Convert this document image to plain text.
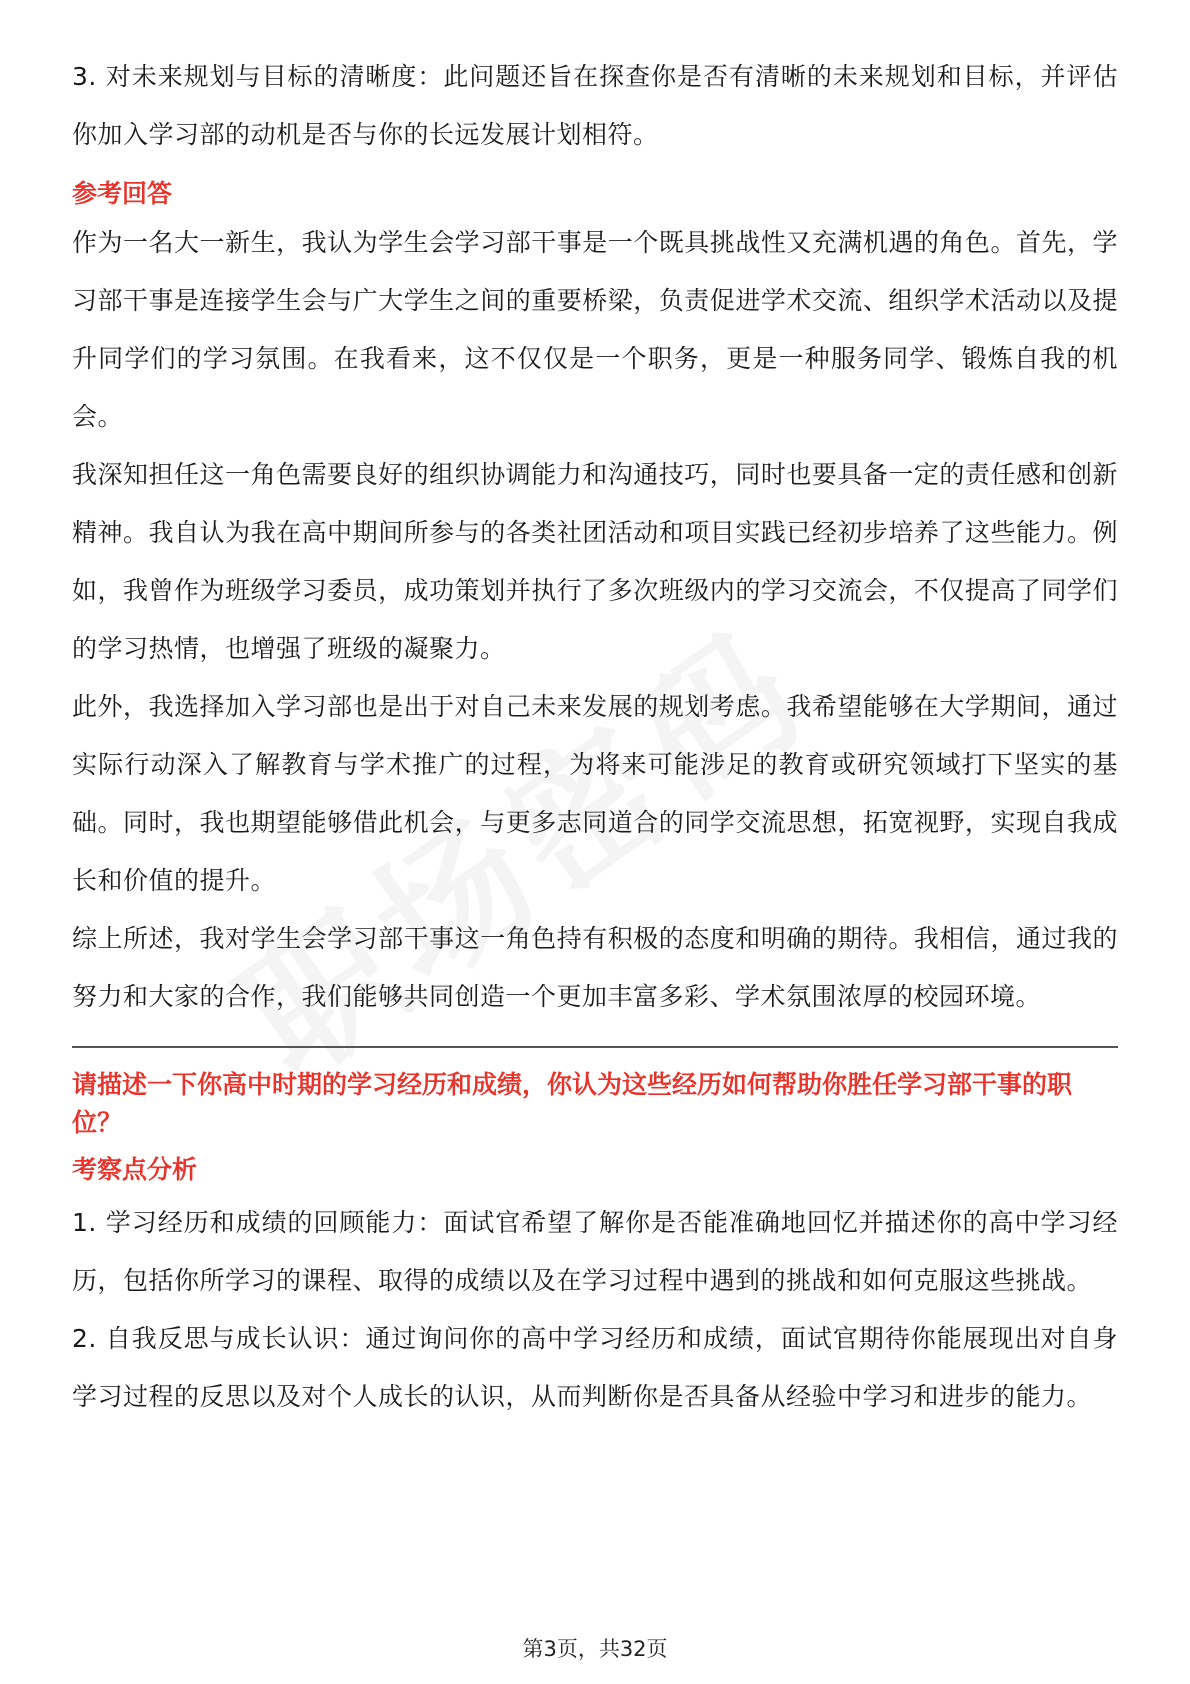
3. 对未来规划与目标的清晰度：此问题还旨在探查你是否有清晰的未来规划和目标，并评估你加入学习部的动机是否与你的长远发展计划相符。

参考回答

作为一名大一新生，我认为学生会学习部干事是一个既具挑战性又充满机遇的角色。首先，学习部干事是连接学生会与广大学生之间的重要桥梁，负责促进学术交流、组织学术活动以及提升同学们的学习氛围。在我看来，这不仅仅是一个职务，更是一种服务同学、锻炼自我的机会。

我深知担任这一角色需要良好的组织协调能力和沟通技巧，同时也要具备一定的责任感和创新精神。我自认为我在高中期间所参与的各类社团活动和项目实践已经初步培养了这些能力。例如，我曾作为班级学习委员，成功策划并执行了多次班级内的学习交流会，不仅提高了同学们的学习热情，也增强了班级的凝聚力。

此外，我选择加入学习部也是出于对自己未来发展的规划考虑。我希望能够在大学期间，通过实际行动深入了解教育与学术推广的过程，为将来可能涉足的教育或研究领域打下坚实的基础。同时，我也期望能够借此机会，与更多志同道合的同学交流思想，拓宽视野，实现自我成长和价值的提升。

综上所述，我对学生会学习部干事这一角色持有积极的态度和明确的期待。我相信，通过我的努力和大家的合作，我们能够共同创造一个更加丰富多彩、学术氛围浓厚的校园环境。

请描述一下你高中时期的学习经历和成绩，你认为这些经历如何帮助你胜任学习部干事的职位？

考察点分析

1. 学习经历和成绩的回顾能力：面试官希望了解你是否能准确地回忆并描述你的高中学习经历，包括你所学习的课程、取得的成绩以及在学习过程中遇到的挑战和如何克服这些挑战。

2. 自我反思与成长认识：通过询问你的高中学习经历和成绩，面试官期待你能展现出对自身学习过程的反思以及对个人成长的认识，从而判断你是否具备从经验中学习和进步的能力。

第3页，共32页
